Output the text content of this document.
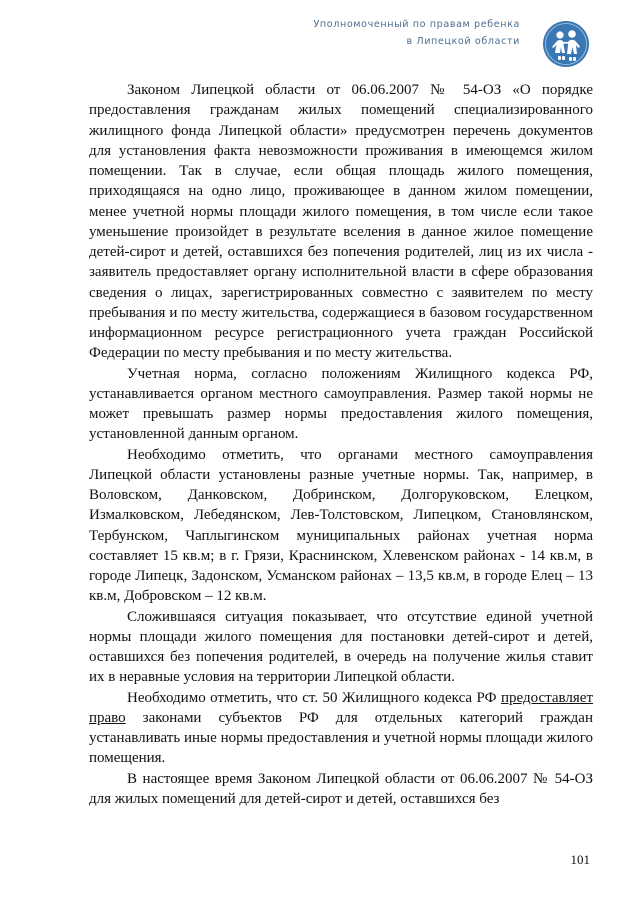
Уполномоченный по правам ребенка
в Липецкой области

Законом Липецкой области от 06.06.2007 № 54-ОЗ «О порядке предоставления гражданам жилых помещений специализированного жилищного фонда Липецкой области» предусмотрен перечень документов для установления факта невозможности проживания в имеющемся жилом помещении. Так в случае, если общая площадь жилого помещения, приходящаяся на одно лицо, проживающее в данном жилом помещении, менее учетной нормы площади жилого помещения, в том числе если такое уменьшение произойдет в результате вселения в данное жилое помещение детей-сирот и детей, оставшихся без попечения родителей, лиц из их числа - заявитель предоставляет органу исполнительной власти в сфере образования сведения о лицах, зарегистрированных совместно с заявителем по месту пребывания и по месту жительства, содержащиеся в базовом государственном информационном ресурсе регистрационного учета граждан Российской Федерации по месту пребывания и по месту жительства.

Учетная норма, согласно положениям Жилищного кодекса РФ, устанавливается органом местного самоуправления. Размер такой нормы не может превышать размер нормы предоставления жилого помещения, установленной данным органом.

Необходимо отметить, что органами местного самоуправления Липецкой области установлены разные учетные нормы. Так, например, в Воловском, Данковском, Добринском, Долгоруковском, Елецком, Измалковском, Лебедянском, Лев-Толстовском, Липецком, Становлянском, Тербунском, Чаплыгинском муниципальных районах учетная норма составляет 15 кв.м; в г. Грязи, Краснинском, Хлевенском районах - 14 кв.м, в городе Липецк, Задонском, Усманском районах – 13,5 кв.м, в городе Елец – 13 кв.м, Добровском – 12 кв.м.

Сложившаяся ситуация показывает, что отсутствие единой учетной нормы площади жилого помещения для постановки детей-сирот и детей, оставшихся без попечения родителей, в очередь на получение жилья ставит их в неравные условия на территории Липецкой области.

Необходимо отметить, что ст. 50 Жилищного кодекса РФ предоставляет право законами субъектов РФ для отдельных категорий граждан устанавливать иные нормы предоставления и учетной нормы площади жилого помещения.

В настоящее время Законом Липецкой области от 06.06.2007 № 54-ОЗ для жилых помещений для детей-сирот и детей, оставшихся без

101
